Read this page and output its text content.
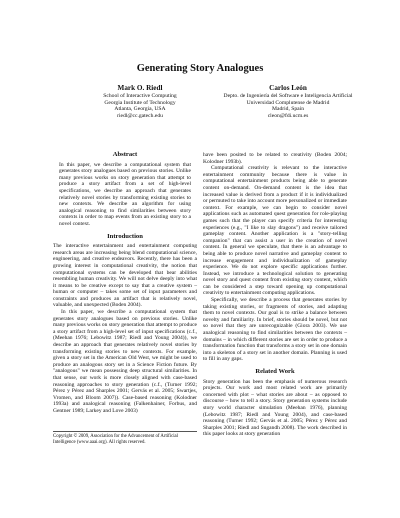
Generating Story Analogues
Mark O. Riedl
School of Interactive Computing
Georgia Institute of Technology
Atlanta, Georgia, USA
riedl@cc.gatech.edu
Carlos León
Depto. de Ingeniería del Software e Inteligencia Artificial
Universidad Complutense de Madrid
Madrid, Spain
cleon@fdi.ucm.es
Abstract

In this paper, we describe a computational system that generates story analogues based on previous stories. Unlike many previous works on story generation that attempt to produce a story artifact from a set of high-level specifications, we describe an approach that generates relatively novel stories by transforming existing stories to new contexts. We describe an algorithm for using analogical reasoning to find similarities between story contexts in order to map events from an existing story to a novel context.

Introduction

The interactive entertainment and entertainment computing research areas are increasing being blend computational science, engineering, and creative endeavors. Recently, there has been a growing interest in computational creativity, the notion that computational systems can be developed that bear abilities resembling human creativity. We will not delve deeply into what it means to be creative except to say that a creative system – human or computer – takes some set of input parameters and constraints and produces an artifact that is relatively novel, valuable, and unexpected (Boden 2004).

In this paper, we describe a computational system that generates story analogues based on previous stories. Unlike many previous works on story generation that attempt to produce a story artifact from a high-level set of input specifications (c.f., (Meehan 1976; Lebowitz 1987; Riedl and Young 2004)), we describe an approach that generates relatively novel stories by transforming existing stories to new contexts. For example, given a story set in the American Old West, we might be used to produce an analogous story set in a Science Fiction future. By "analogous" we mean possessing deep structural similarities. In that sense, our work is more closely aligned with case-based reasoning approaches to story generation (c.f., (Turner 1992; Pérez y Pérez and Sharples 2001; Gervás et al. 2005; Swartjes, Vromen, and Bloom 2007)). Case-based reasoning (Kolodner 1993a) and analogical reasoning (Falkenhainer, Forbus, and Gentner 1989; Larkey and Love 2003)

Copyright © 2009, Association for the Advancement of Artificial Intelligence (www.aaai.org). All rights reserved.

have been posited to be related to creativity (Boden 2004; Kolodner 1993b).

Computational creativity is relevant to the interactive entertainment community because there is value in computational entertainment products being able to generate content on-demand. On-demand content is the idea that increased value is derived from a product if it is individualized or permuted to take into account more personalized or immediate context. For example, we can begin to consider novel applications such as automated quest generation for role-playing games such that the player can specify criteria for interesting experiences (e.g., "I like to slay dragons") and receive tailored gameplay content. Another application is a "story-telling companion" that can assist a user in the creation of novel content. In general we speculate, that there is an advantage to being able to produce novel narrative and gameplay content to increase engagement and individualization of gameplay experience. We do not explore specific applications further. Instead, we introduce a technological solution to generating novel story and quest content from existing story content, which can be considered a step toward opening up computational creativity to entertainment computing applications.

Specifically, we describe a process that generates stories by taking existing stories, or fragments of stories, and adapting them to novel contexts. Our goal is to strike a balance between novelty and familiarity. In brief, stories should be novel, but not so novel that they are unrecognizable (Giora 2003). We use analogical reasoning to find similarities between the contexts – domains – in which different stories are set in order to produce a transformation function that transforms a story set in one domain into a skeleton of a story set in another domain. Planning is used to fill in any gaps.

Related Work

Story generation has been the emphasis of numerous research projects. Our work and most related work are primarily concerned with plot – what stories are about – as opposed to discourse – how to tell a story. Story generation systems include story world character simulation (Meehan 1976), planning (Lebowitz 1987; Riedl and Young 2004), and case-based reasoning (Turner 1992; Gervás et al. 2005; Pérez y Pérez and Sharples 2001; Riedl and Sugandh 2008). The work described in this paper looks at story generation
